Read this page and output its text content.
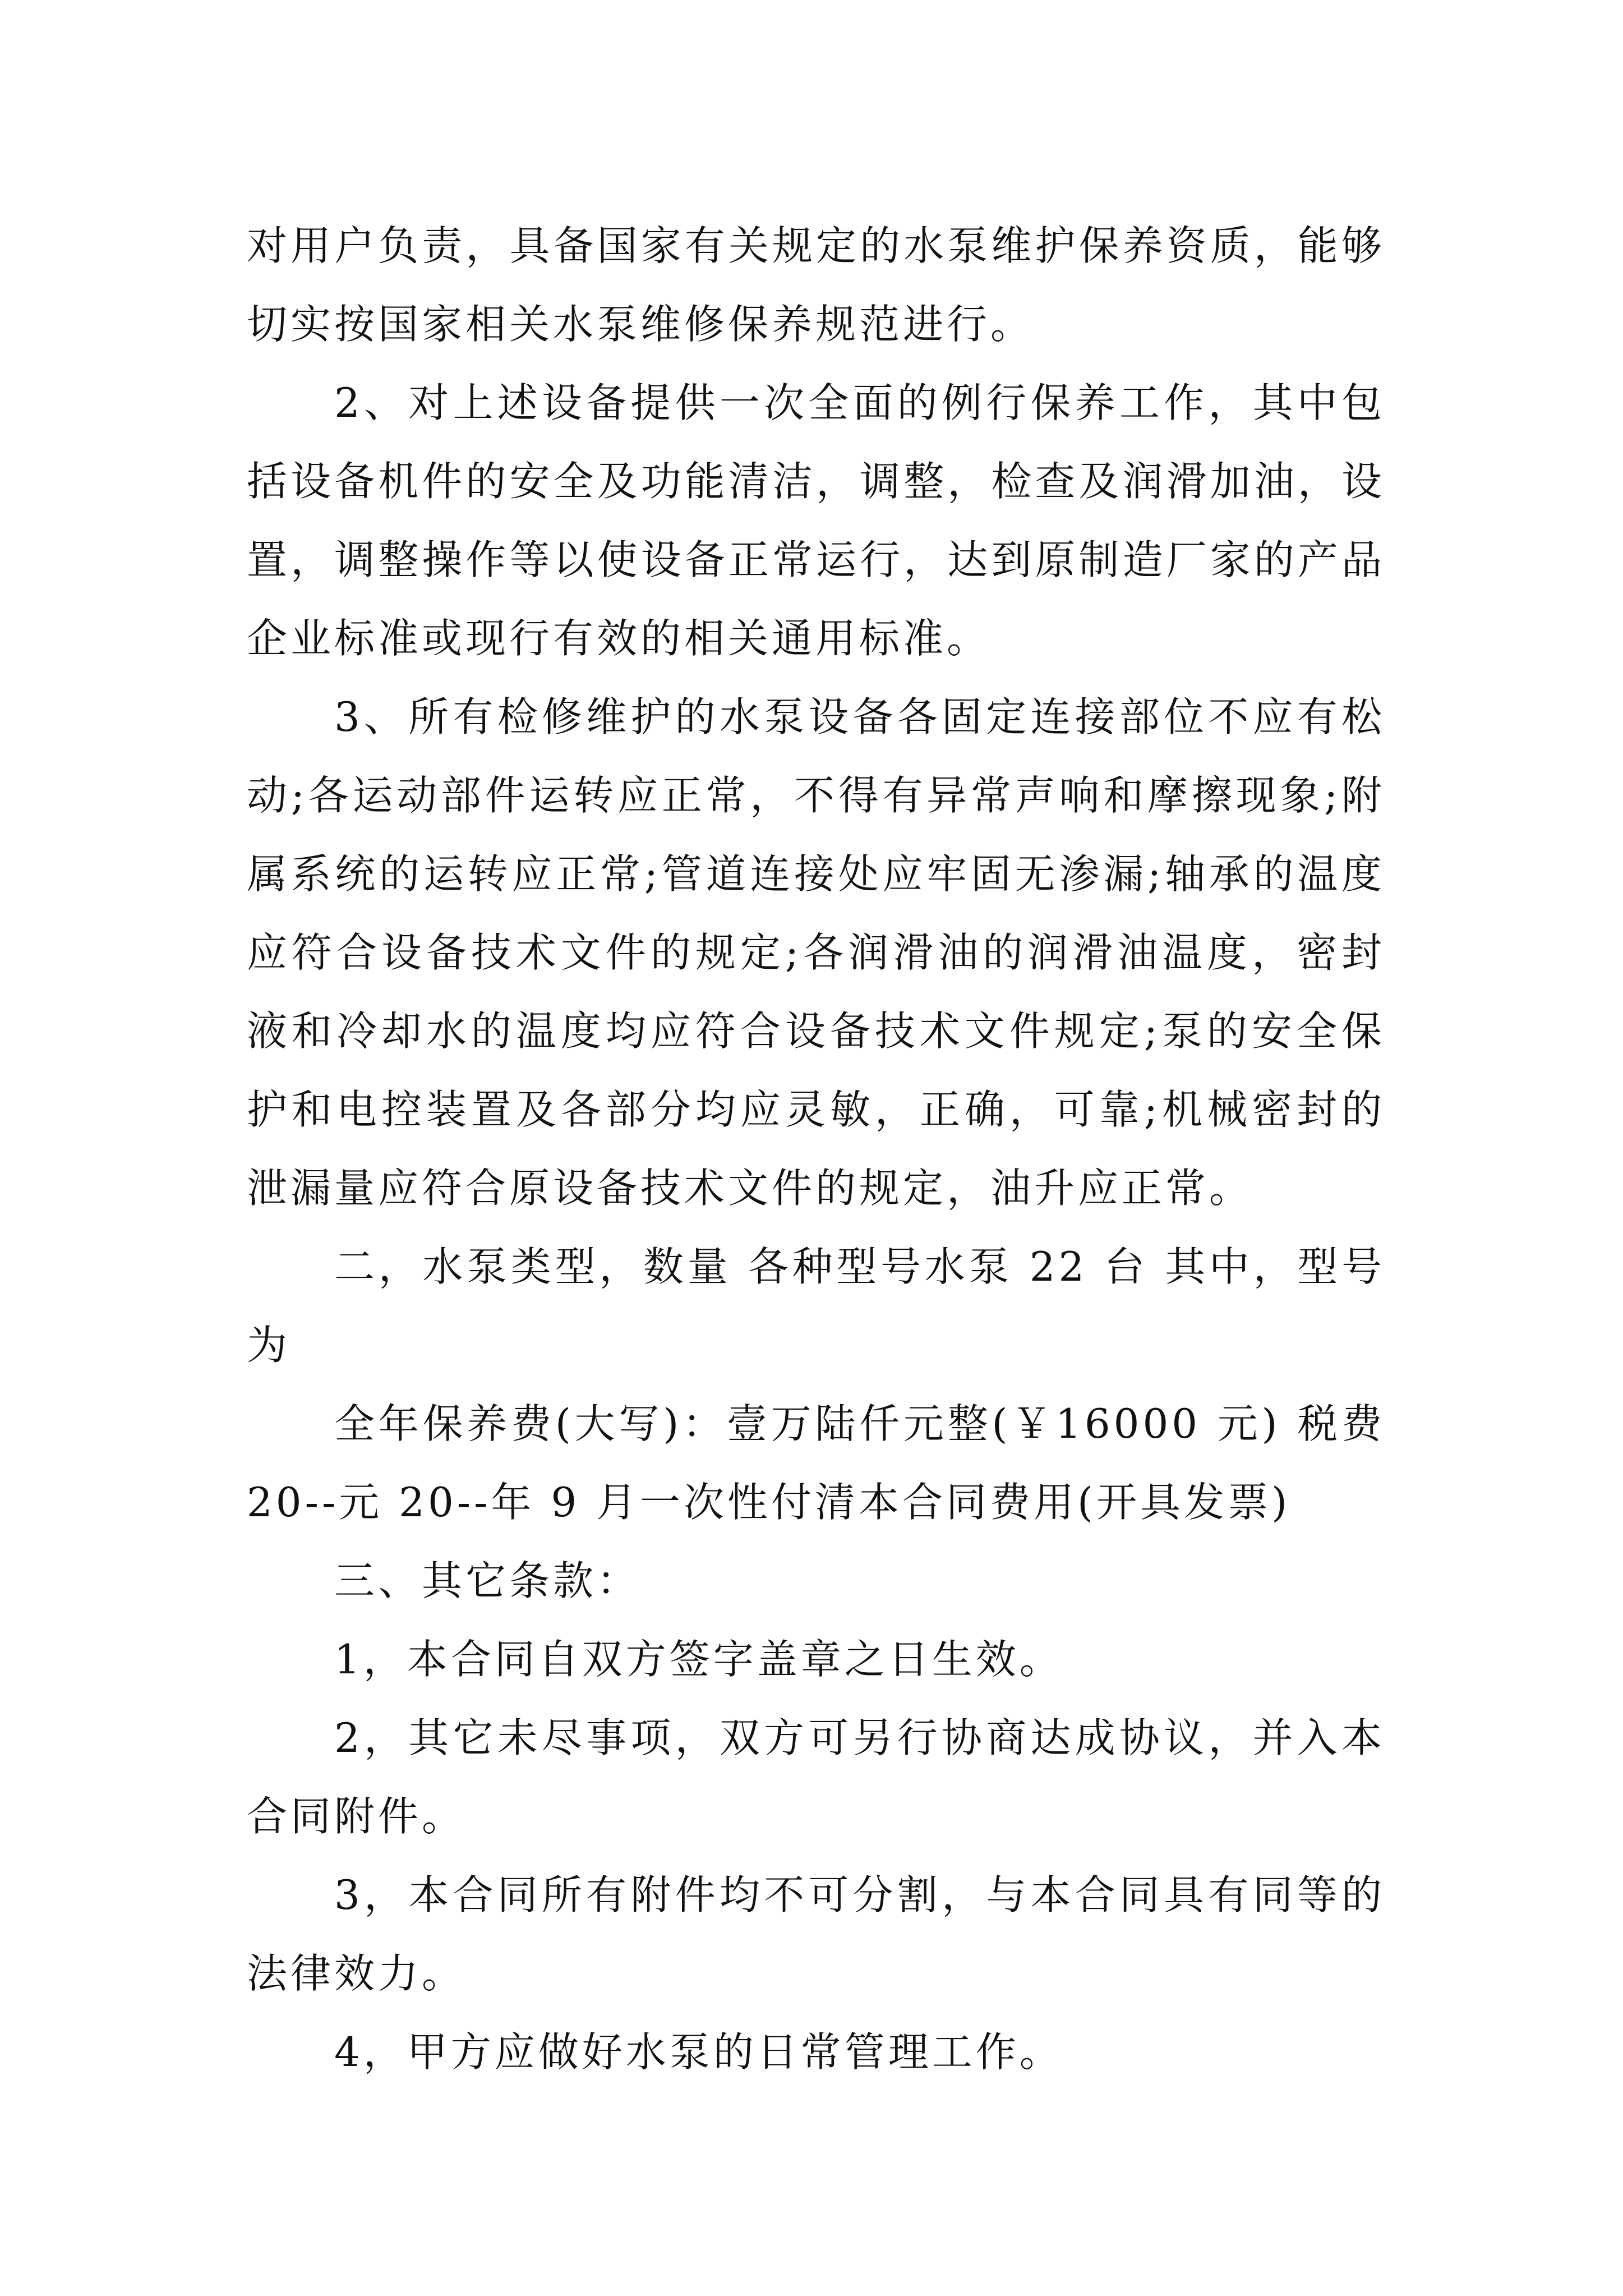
对用户负责，具备国家有关规定的水泵维护保养资质，能够切实按国家相关水泵维修保养规范进行。

2、对上述设备提供一次全面的例行保养工作，其中包括设备机件的安全及功能清洁，调整，检查及润滑加油，设置，调整操作等以使设备正常运行，达到原制造厂家的产品企业标准或现行有效的相关通用标准。

3、所有检修维护的水泵设备各固定连接部位不应有松动;各运动部件运转应正常，不得有异常声响和摩擦现象;附属系统的运转应正常;管道连接处应牢固无渗漏;轴承的温度应符合设备技术文件的规定;各润滑油的润滑油温度，密封液和冷却水的温度均应符合设备技术文件规定;泵的安全保护和电控装置及各部分均应灵敏，正确，可靠;机械密封的泄漏量应符合原设备技术文件的规定，油升应正常。

二，水泵类型，数量 各种型号水泵 22 台 其中，型号为

全年保养费(大写)：壹万陆仟元整(￥16000 元) 税费 20--元 20--年 9 月一次性付清本合同费用(开具发票)

三、其它条款：

1，本合同自双方签字盖章之日生效。

2，其它未尽事项，双方可另行协商达成协议，并入本合同附件。

3，本合同所有附件均不可分割，与本合同具有同等的法律效力。

4，甲方应做好水泵的日常管理工作。
